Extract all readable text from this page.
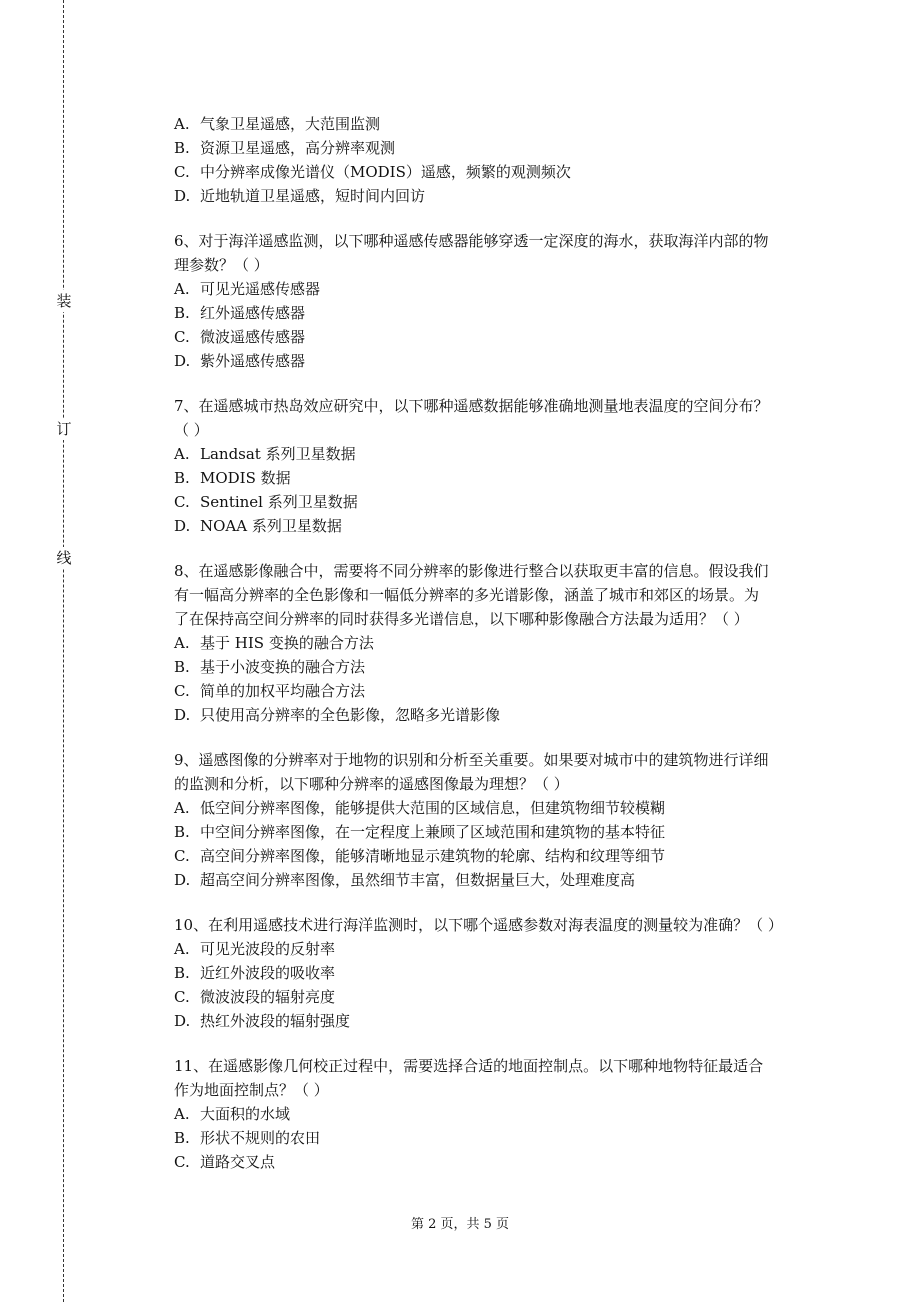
装
订
线
A. 气象卫星遥感，大范围监测
B. 资源卫星遥感，高分辨率观测
C. 中分辨率成像光谱仪（MODIS）遥感，频繁的观测频次
D. 近地轨道卫星遥感，短时间内回访
6、对于海洋遥感监测，以下哪种遥感传感器能够穿透一定深度的海水，获取海洋内部的物
理参数？（ ）
A. 可见光遥感传感器
B. 红外遥感传感器
C. 微波遥感传感器
D. 紫外遥感传感器
7、在遥感城市热岛效应研究中，以下哪种遥感数据能够准确地测量地表温度的空间分布？
（ ）
A. Landsat 系列卫星数据
B. MODIS 数据
C. Sentinel 系列卫星数据
D. NOAA 系列卫星数据
8、在遥感影像融合中，需要将不同分辨率的影像进行整合以获取更丰富的信息。假设我们
有一幅高分辨率的全色影像和一幅低分辨率的多光谱影像，涵盖了城市和郊区的场景。为
了在保持高空间分辨率的同时获得多光谱信息，以下哪种影像融合方法最为适用？（ ）
A. 基于 HIS 变换的融合方法
B. 基于小波变换的融合方法
C. 简单的加权平均融合方法
D. 只使用高分辨率的全色影像，忽略多光谱影像
9、遥感图像的分辨率对于地物的识别和分析至关重要。如果要对城市中的建筑物进行详细
的监测和分析，以下哪种分辨率的遥感图像最为理想？（ ）
A. 低空间分辨率图像，能够提供大范围的区域信息，但建筑物细节较模糊
B. 中空间分辨率图像，在一定程度上兼顾了区域范围和建筑物的基本特征
C. 高空间分辨率图像，能够清晰地显示建筑物的轮廓、结构和纹理等细节
D. 超高空间分辨率图像，虽然细节丰富，但数据量巨大，处理难度高
10、在利用遥感技术进行海洋监测时，以下哪个遥感参数对海表温度的测量较为准确？（ ）
A. 可见光波段的反射率
B. 近红外波段的吸收率
C. 微波波段的辐射亮度
D. 热红外波段的辐射强度
11、在遥感影像几何校正过程中，需要选择合适的地面控制点。以下哪种地物特征最适合
作为地面控制点？（ ）
A. 大面积的水域
B. 形状不规则的农田
C. 道路交叉点
第 2 页，共 5 页
